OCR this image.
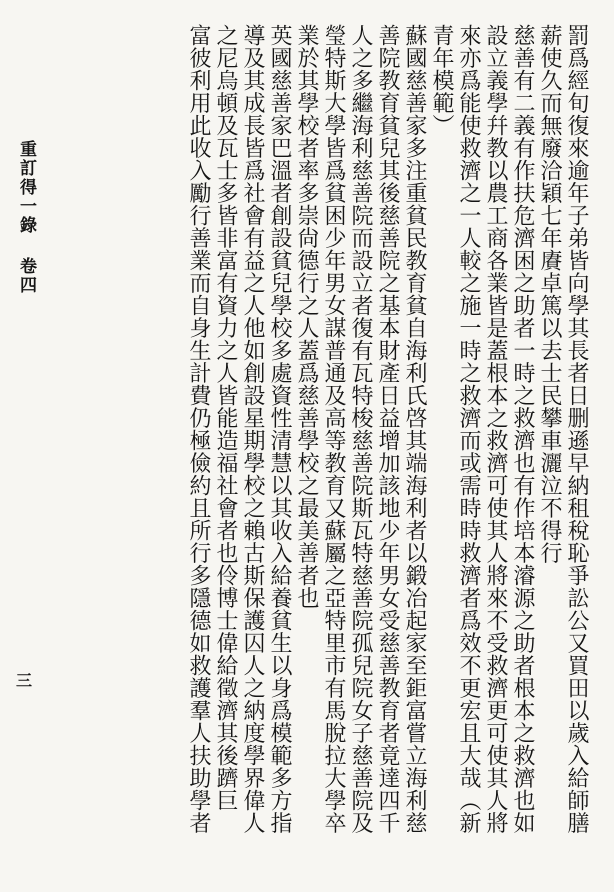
罰爲經旬復來逾年子弟皆向學其長者日删遜早納租稅恥爭訟公又買田以歲入給師膳
薪使久而無廢洽穎七年賡卓篤以去士民攀車灑泣不得行
慈善有二義有作扶危濟困之助者一時之救濟也有作培本濬源之助者根本之救濟也如
設立義學幷教以農工商各業皆是蓋根本之救濟可使其人將來不受救濟更可使其人將
來亦爲能使救濟之一人較之施一時之救濟而或需時時救濟者爲效不更宏且大哉（新
青年模範）
蘇國慈善家多注重貧民教育貧自海利氏啓其端海利者以鍛冶起家至鉅富嘗立海利慈
善院教育貧兒其後慈善院之基本財產日益增加該地少年男女受慈善教育者竟達四千
人之多繼海利慈善院而設立者復有瓦特梭慈善院斯瓦特慈善院孤兒院女子慈善院及
瑩特斯大學皆爲貧困少年男女謀普通及高等教育又蘇屬之亞特里市有馬脫拉大學卒
業於其學校者率多崇尙德行之人蓋爲慈善學校之最美善者也
英國慈善家巴溫者創設貧兒學校多處資性清慧以其收入給養貧生以身爲模範多方指
導及其成長皆爲社會有益之人他如創設星期學校之賴古斯保護囚人之納度學界偉人
之尼烏頓及瓦士多皆非富有資力之人皆能造福社會者也伶博士偉給徵濟其後躋巨
富彼利用此收入勵行善業而自身生計費仍極儉約且所行多隱德如救護羣人扶助學者
重訂得一錄卷四
三
